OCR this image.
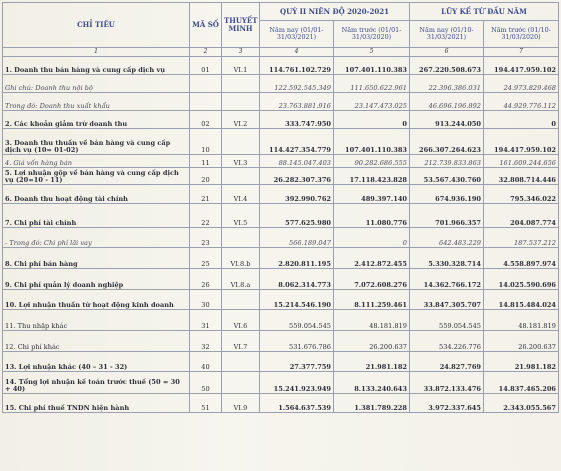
CHỈ TIÊU	MÃ SỐ	THUYẾT MINH	QUÝ II NIÊN ĐỘ 2020-2021		LŨY KẾ TỪ ĐẦU NĂM	
			Năm nay (01/01-31/03/2021)	Năm trước (01/01-31/03/2020)	Năm nay (01/10-31/03/2021)	Năm trước (01/10-31/03/2020)
1	2	3	4	5	6	7
1. Doanh thu bán hàng và cung cấp dịch vụ	01	VI.1	114.761.102.729	107.401.110.383	267.220.508.673	194.417.959.102
Ghi chú: Doanh thu nội bộ			122.592.545.349	111.650.622.961	22.396.386.031	24.973.829.468
Trong đó: Doanh thu xuất khẩu			23.763.881.916	23.147.473.025	46.696.196.892	44.929.776.112
2. Các khoản giảm trừ doanh thu	02	VI.2	333.747.950	0	913.244.050	0
3. Doanh thu thuần về bán hàng và cung cấp dịch vụ (10= 01-02)	10		114.427.354.779	107.401.110.383	266.307.264.623	194.417.959.102
4. Giá vốn hàng bán	11	VI.3	88.145.047.403	90.282.686.555	212.739.833.863	161.609.244.656
5. Lợi nhuận gộp về bán hàng và cung cấp dịch vụ (20=10 - 11)	20		26.282.307.376	17.118.423.828	53.567.430.760	32.808.714.446
6. Doanh thu hoạt động tài chính	21	VI.4	392.990.762	489.397.140	674.936.190	795.346.022
7. Chi phí tài chính	22	VI.5	577.625.980	11.080.776	701.966.357	204.087.774
- Trong đó: Chi phí lãi vay	23		566.189.047	0	642.483.229	187.537.212
8. Chi phí bán hàng	25	VI.8.b	2.820.811.195	2.412.872.455	5.330.328.714	4.558.897.974
9. Chi phí quản lý doanh nghiệp	26	VI.8.a	8.062.314.773	7.072.608.276	14.362.766.172	14.025.590.696
10. Lợi nhuận thuần từ hoạt động kinh doanh	30		15.214.546.190	8.111.259.461	33.847.305.707	14.815.484.024
11. Thu nhập khác	31	VI.6	559.054.545	48.181.819	559.054.545	48.181.819
12. Chi phí khác	32	VI.7	531.676.786	26.200.637	534.226.776	26.200.637
13. Lợi nhuận khác (40 – 31 - 32)	40		27.377.759	21.981.182	24.827.769	21.981.182
14. Tổng lợi nhuận kế toán trước thuế (50 = 30 + 40)	50		15.241.923.949	8.133.240.643	33.872.133.476	14.837.465.206
15. Chi phí thuế TNDN hiện hành	51	VI.9	1.564.637.539	1.381.789.228	3.972.337.645	2.343.055.567
